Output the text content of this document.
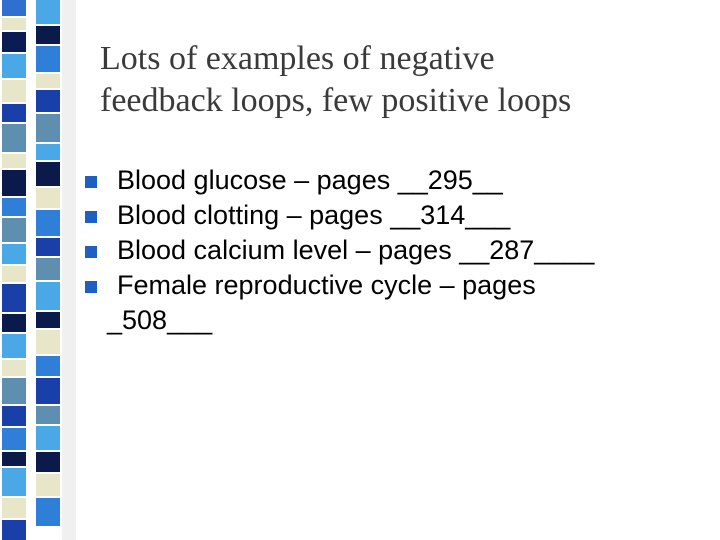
Lots of examples of negative
feedback loops, few positive loops
Blood glucose – pages __295__
Blood clotting – pages __314___
Blood calcium level – pages __287____
Female reproductive cycle – pages
_508___
